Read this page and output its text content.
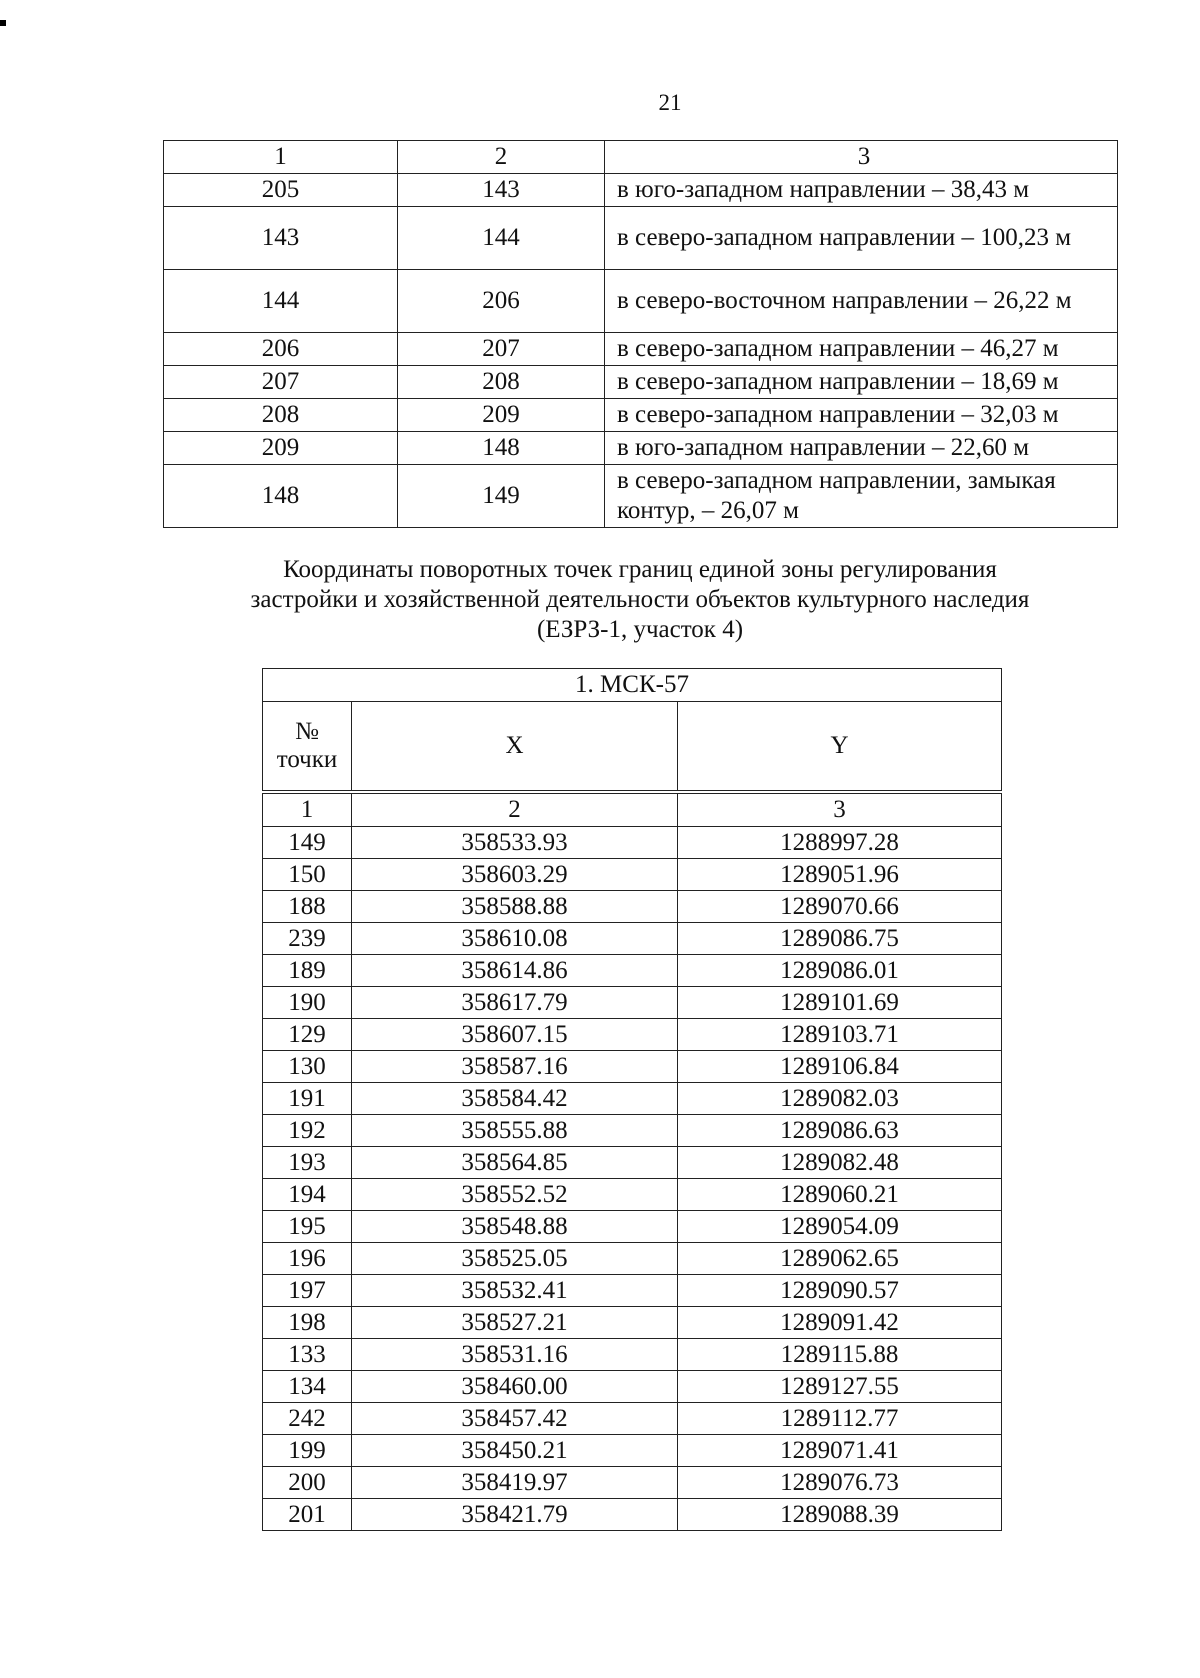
21
1	2	3
205	143	в юго-западном направлении – 38,43 м
143	144	в северо-западном направлении – 100,23 м
144	206	в северо-восточном направлении – 26,22 м
206	207	в северо-западном направлении – 46,27 м
207	208	в северо-западном направлении – 18,69 м
208	209	в северо-западном направлении – 32,03 м
209	148	в юго-западном направлении – 22,60 м
148	149	в северо-западном направлении, замыкая контур, – 26,07 м
Координаты поворотных точек границ единой зоны регулирования
застройки и хозяйственной деятельности объектов культурного наследия
(ЕЗРЗ-1, участок 4)
1. МСК-57		

№
точки	X	Y
1	2	3
149	358533.93	1288997.28
150	358603.29	1289051.96
188	358588.88	1289070.66
239	358610.08	1289086.75
189	358614.86	1289086.01
190	358617.79	1289101.69
129	358607.15	1289103.71
130	358587.16	1289106.84
191	358584.42	1289082.03
192	358555.88	1289086.63
193	358564.85	1289082.48
194	358552.52	1289060.21
195	358548.88	1289054.09
196	358525.05	1289062.65
197	358532.41	1289090.57
198	358527.21	1289091.42
133	358531.16	1289115.88
134	358460.00	1289127.55
242	358457.42	1289112.77
199	358450.21	1289071.41
200	358419.97	1289076.73
201	358421.79	1289088.39
